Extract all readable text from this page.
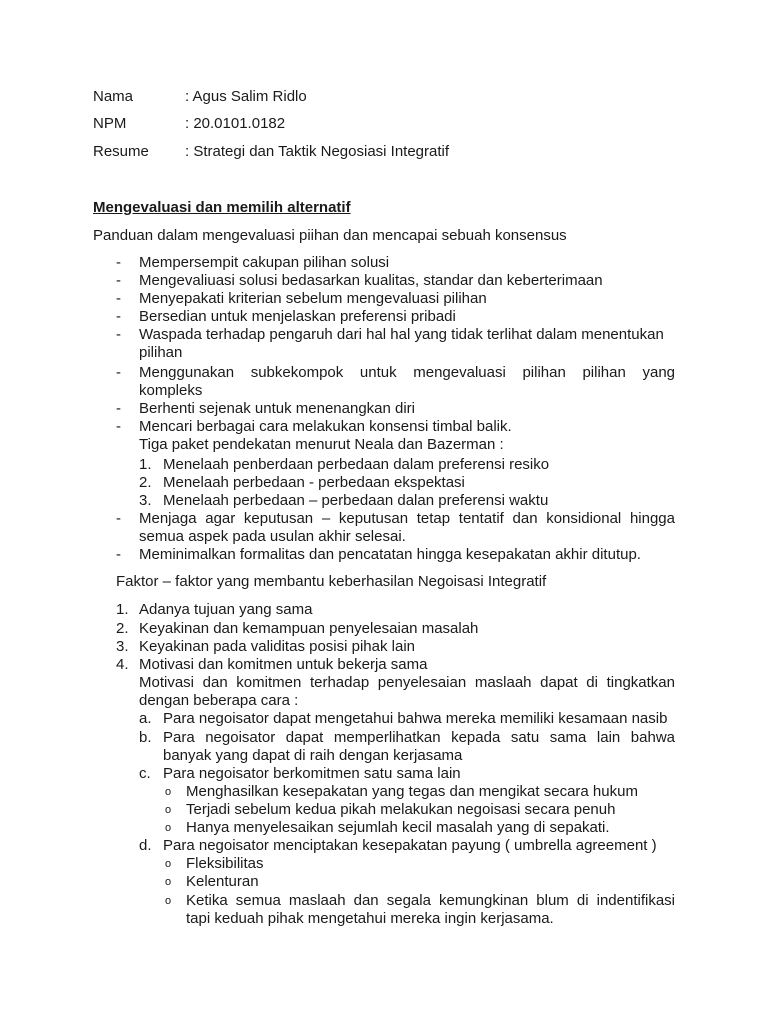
Nama	: Agus Salim Ridlo
NPM	: 20.0101.0182
Resume : Strategi dan Taktik Negosiasi Integratif
Mengevaluasi dan memilih alternatif
Panduan dalam mengevaluasi piihan dan mencapai sebuah konsensus
- Mempersempit cakupan pilihan solusi
- Mengevaliuasi solusi bedasarkan kualitas, standar dan keberterimaan
- Menyepakati kriterian sebelum mengevaluasi pilihan
- Bersedian untuk menjelaskan preferensi pribadi
- Waspada terhadap pengaruh dari hal hal yang tidak terlihat dalam menentukan
pilihan
- Menggunakan subkekompok untuk mengevaluasi pilihan pilihan yang
kompleks
- Berhenti sejenak untuk menenangkan diri
- Mencari berbagai cara melakukan konsensi timbal balik.
Tiga paket pendekatan menurut Neala dan Bazerman :
1. Menelaah penberdaan perbedaan dalam preferensi resiko
2. Menelaah perbedaan - perbedaan ekspektasi
3. Menelaah perbedaan – perbedaan dalan preferensi waktu
- Menjaga agar keputusan – keputusan tetap tentatif dan konsidional hingga
semua aspek pada usulan akhir selesai.
- Meminimalkan formalitas dan pencatatan hingga kesepakatan akhir ditutup.
Faktor – faktor yang membantu keberhasilan Negoisasi Integratif
1. Adanya tujuan yang sama
2. Keyakinan dan kemampuan penyelesaian masalah
3. Keyakinan pada validitas posisi pihak lain
4. Motivasi dan komitmen untuk bekerja sama
Motivasi dan komitmen terhadap penyelesaian maslaah dapat di tingkatkan
dengan beberapa cara :
a. Para negoisator dapat mengetahui bahwa mereka memiliki kesamaan nasib
b. Para negoisator dapat memperlihatkan kepada satu sama lain bahwa
banyak yang dapat di raih dengan kerjasama
c. Para negoisator berkomitmen satu sama lain
o Menghasilkan kesepakatan yang tegas dan mengikat secara hukum
o Terjadi sebelum kedua pikah melakukan negoisasi secara penuh
o Hanya menyelesaikan sejumlah kecil masalah yang di sepakati.
d. Para negoisator menciptakan kesepakatan payung ( umbrella agreement )
o Fleksibilitas
o Kelenturan
o Ketika semua maslaah dan segala kemungkinan blum di indentifikasi
tapi keduah pihak mengetahui mereka ingin kerjasama.
